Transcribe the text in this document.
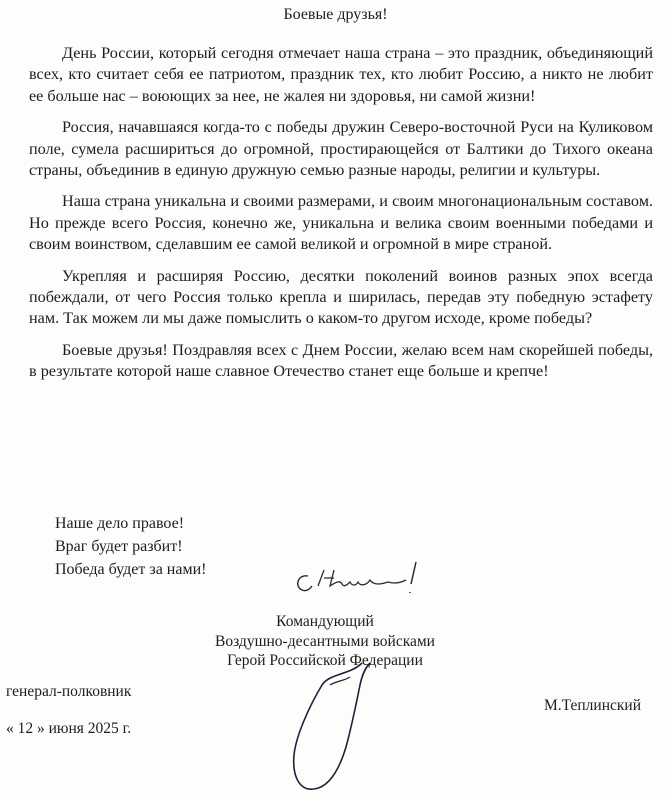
Боевые друзья!

День России, который сегодня отмечает наша страна – это праздник, объединяющий всех, кто считает себя ее патриотом, праздник тех, кто любит Россию, а никто не любит ее больше нас – воюющих за нее, не жалея ни здоровья, ни самой жизни!

Россия, начавшаяся когда-то с победы дружин Северо-восточной Руси на Куликовом поле, сумела расшириться до огромной, простирающейся от Балтики до Тихого океана страны, объединив в единую дружную семью разные народы, религии и культуры.

Наша страна уникальна и своими размерами, и своим многонациональным составом. Но прежде всего Россия, конечно же, уникальна и велика своим военными победами и своим воинством, сделавшим ее самой великой и огромной в мире страной.

Укрепляя и расширяя Россию, десятки поколений воинов разных эпох всегда побеждали, от чего Россия только крепла и ширилась, передав эту победную эстафету нам. Так можем ли мы даже помыслить о каком-то другом исходе, кроме победы?

Боевые друзья! Поздравляя всех с Днем России, желаю всем нам скорейшей победы, в результате которой наше славное Отечество станет еще больше и крепче!

Наше дело правое!
Враг будет разбит!
Победа будет за нами!
Командующий
Воздушно-десантными войсками
Герой Российской Федерации
генерал-полковник
М.Теплинский
« 12 » июня 2025 г.
